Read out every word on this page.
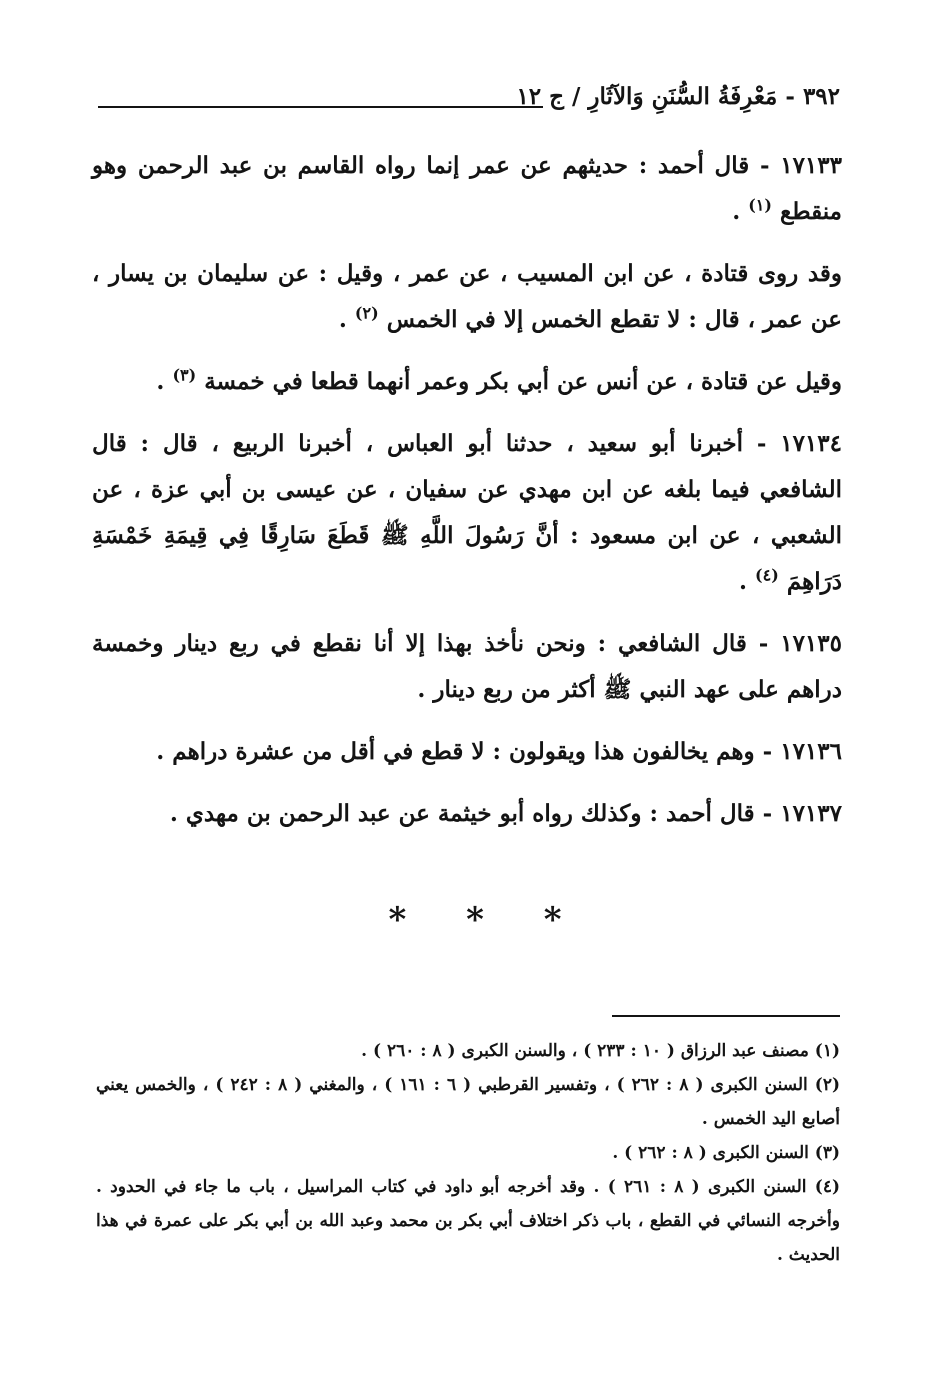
٣٩٢ - مَعْرِفَةُ السُّنَنِ وَالآثَارِ / ج ١٢

١٧١٣٣ - قال أحمد : حديثهم عن عمر إنما رواه القاسم بن عبد الرحمن وهو منقطع $^{(١)}$ .

وقد روى قتادة ، عن ابن المسيب ، عن عمر ، وقيل : عن سليمان بن يسار ، عن عمر ، قال : لا تقطع الخمس إلا في الخمس $^{(٢)}$ .

وقيل عن قتادة ، عن أنس عن أبي بكر وعمر أنهما قطعا في خمسة $^{(٣)}$ .

١٧١٣٤ - أخبرنا أبو سعيد ، حدثنا أبو العباس ، أخبرنا الربيع ، قال : قال الشافعي فيما بلغه عن ابن مهدي عن سفيان ، عن عيسى بن أبي عزة ، عن الشعبي ، عن ابن مسعود : أنَّ رَسُولَ اللَّهِ ﷺ قَطَعَ سَارِقًا فِي قِيمَةِ خَمْسَةِ دَرَاهِمَ $^{(٤)}$ .

١٧١٣٥ - قال الشافعي : ونحن نأخذ بهذا إلا أنا نقطع في ربع دينار وخمسة دراهم على عهد النبي ﷺ أكثر من ربع دينار .

١٧١٣٦ - وهم يخالفون هذا ويقولون : لا قطع في أقل من عشرة دراهم .

١٧١٣٧ - قال أحمد : وكذلك رواه أبو خيثمة عن عبد الرحمن بن مهدي .

* * *

(١) مصنف عبد الرزاق ( ١٠ : ٢٣٣ ) ، والسنن الكبرى ( ٨ : ٢٦٠ ) .

(٢) السنن الكبرى ( ٨ : ٢٦٢ ) ، وتفسير القرطبي ( ٦ : ١٦١ ) ، والمغني ( ٨ : ٢٤٢ ) ، والخمس يعني أصابع اليد الخمس .

(٣) السنن الكبرى ( ٨ : ٢٦٢ ) .

(٤) السنن الكبرى ( ٨ : ٢٦١ ) . وقد أخرجه أبو داود في كتاب المراسيل ، باب ما جاء في الحدود . وأخرجه النسائي في القطع ، باب ذكر اختلاف أبي بكر بن محمد وعبد الله بن أبي بكر على عمرة في هذا الحديث .
